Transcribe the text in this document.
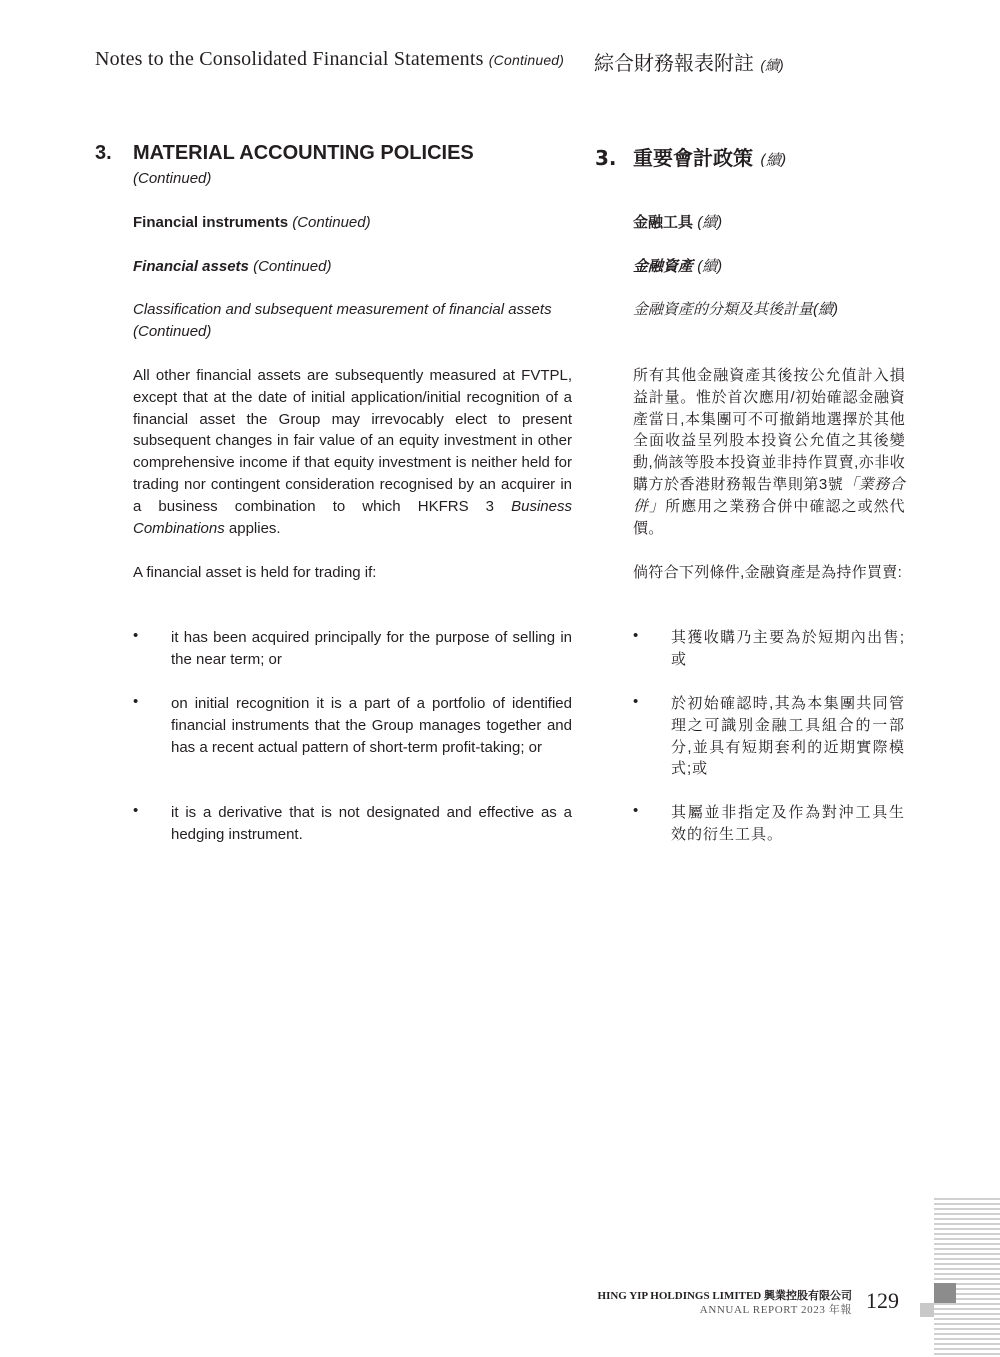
Notes to the Consolidated Financial Statements (Continued) 綜合財務報表附註 (續)
3. MATERIAL ACCOUNTING POLICIES
(Continued)
3. 重要會計政策 (續)
Financial instruments (Continued)	金融工具 (續)
Financial assets (Continued)	金融資產 (續)
Classification and subsequent measurement of financial assets (Continued)
金融資產的分類及其後計量(續)
All other financial assets are subsequently measured at FVTPL, except that at the date of initial application/initial recognition of a financial asset the Group may irrevocably elect to present subsequent changes in fair value of an equity investment in other comprehensive income if that equity investment is neither held for trading nor contingent consideration recognised by an acquirer in a business combination to which HKFRS 3 Business Combinations applies.
所有其他金融資產其後按公允值計入損益計量。惟於首次應用/初始確認金融資產當日,本集團可不可撤銷地選擇於其他全面收益呈列股本投資公允值之其後變動,倘該等股本投資並非持作買賣,亦非收購方於香港財務報告準則第3號「業務合併」所應用之業務合併中確認之或然代價。
A financial asset is held for trading if:	倘符合下列條件,金融資產是為持作買賣:
• it has been acquired principally for the purpose of selling in the near term; or
• on initial recognition it is a part of a portfolio of identified financial instruments that the Group manages together and has a recent actual pattern of short-term profit-taking; or
• it is a derivative that is not designated and effective as a hedging instrument.
• 其獲收購乃主要為於短期內出售;或
• 於初始確認時,其為本集團共同管理之可識別金融工具組合的一部分,並具有短期套利的近期實際模式;或
• 其屬並非指定及作為對沖工具生效的衍生工具。
HING YIP HOLDINGS LIMITED 興業控股有限公司
ANNUAL REPORT 2023 年報 129
